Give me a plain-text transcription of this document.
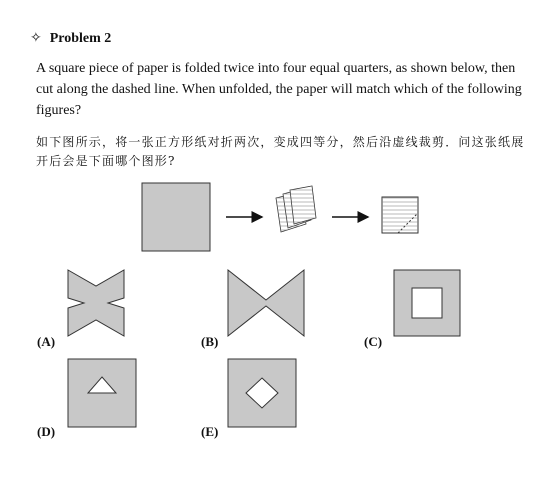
✧ Problem 2
A square piece of paper is folded twice into four equal quarters, as shown below, then cut along the dashed line. When unfolded, the paper will match which of the following figures?
如下图所示，将一张正方形纸对折两次，变成四等分，然后沿虚线裁剪．问这张纸展开后会是下面哪个图形?
(A)	(B)	(C)
(D)	(E)
